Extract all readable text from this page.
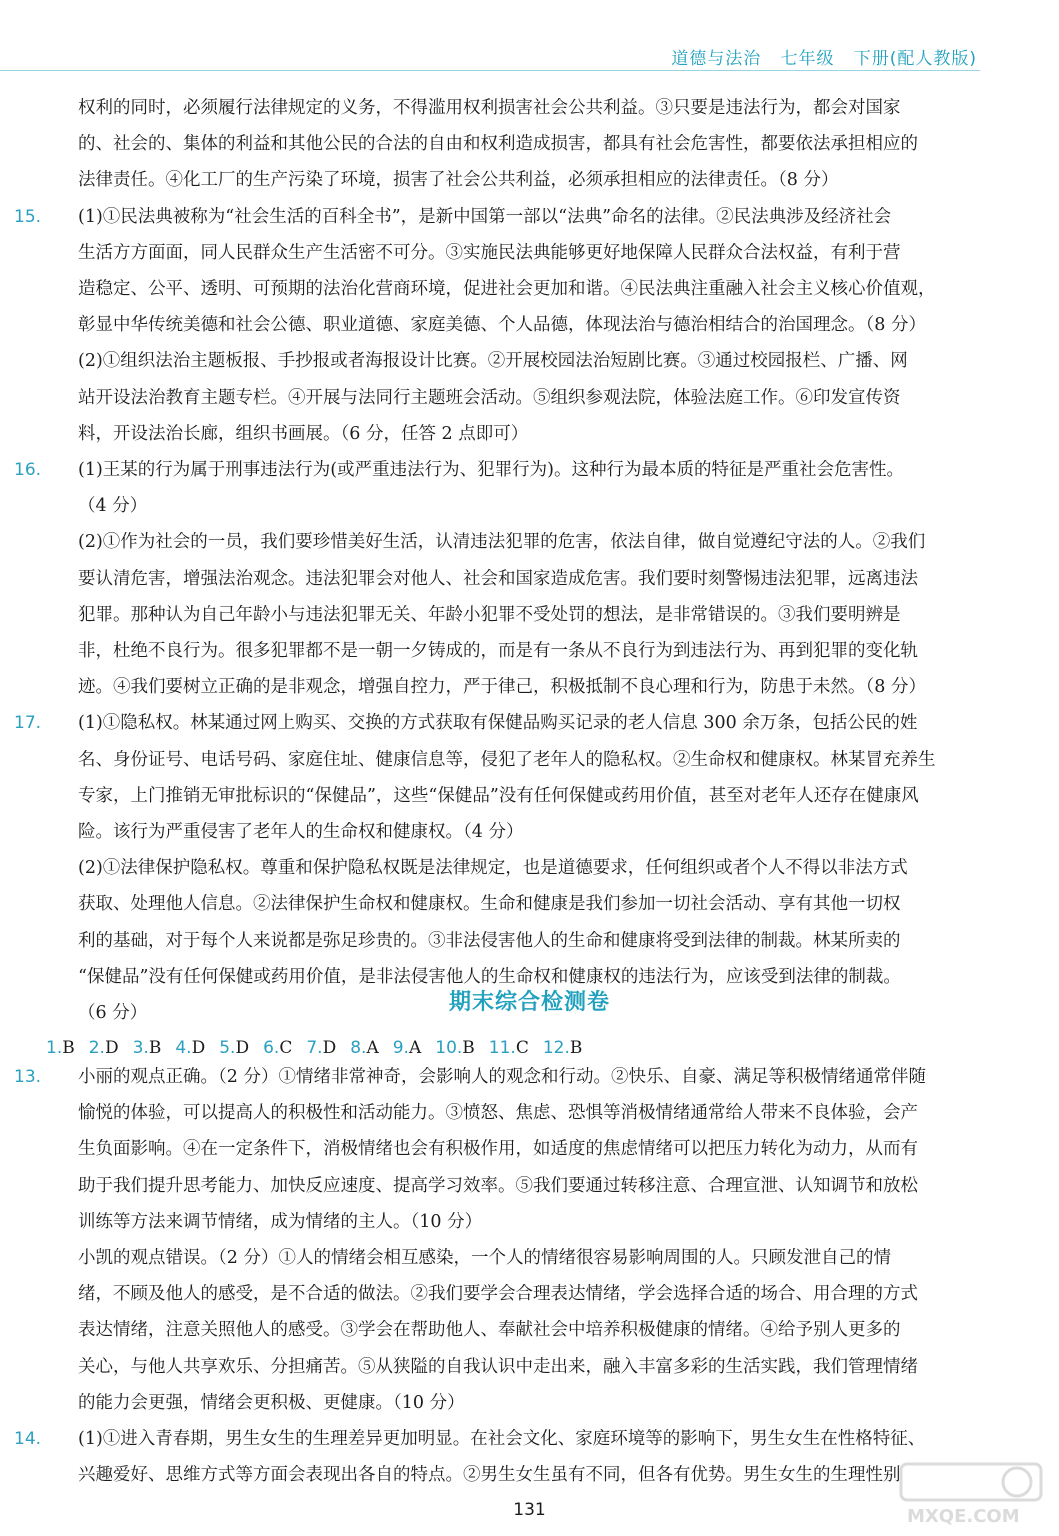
道德与法治   七年级   下册(配人教版)
权利的同时，必须履行法律规定的义务，不得滥用权利损害社会公共利益。③只要是违法行为，都会对国家
的、社会的、集体的利益和其他公民的合法的自由和权利造成损害，都具有社会危害性，都要依法承担相应的
法律责任。④化工厂的生产污染了环境，损害了社会公共利益，必须承担相应的法律责任。（8 分）
15. (1)①民法典被称为“社会生活的百科全书”，是新中国第一部以“法典”命名的法律。②民法典涉及经济社会
生活方方面面，同人民群众生产生活密不可分。③实施民法典能够更好地保障人民群众合法权益，有利于营
造稳定、公平、透明、可预期的法治化营商环境，促进社会更加和谐。④民法典注重融入社会主义核心价值观，
彰显中华传统美德和社会公德、职业道德、家庭美德、个人品德，体现法治与德治相结合的治国理念。（8 分）
(2)①组织法治主题板报、手抄报或者海报设计比赛。②开展校园法治短剧比赛。③通过校园报栏、广播、网
站开设法治教育主题专栏。④开展与法同行主题班会活动。⑤组织参观法院，体验法庭工作。⑥印发宣传资
料，开设法治长廊，组织书画展。（6 分，任答 2 点即可）
16. (1)王某的行为属于刑事违法行为(或严重违法行为、犯罪行为)。这种行为最本质的特征是严重社会危害性。
（4 分）
(2)①作为社会的一员，我们要珍惜美好生活，认清违法犯罪的危害，依法自律，做自觉遵纪守法的人。②我们
要认清危害，增强法治观念。违法犯罪会对他人、社会和国家造成危害。我们要时刻警惕违法犯罪，远离违法
犯罪。那种认为自己年龄小与违法犯罪无关、年龄小犯罪不受处罚的想法，是非常错误的。③我们要明辨是
非，杜绝不良行为。很多犯罪都不是一朝一夕铸成的，而是有一条从不良行为到违法行为、再到犯罪的变化轨
迹。④我们要树立正确的是非观念，增强自控力，严于律己，积极抵制不良心理和行为，防患于未然。（8 分）
17. (1)①隐私权。林某通过网上购买、交换的方式获取有保健品购买记录的老人信息 300 余万条，包括公民的姓
名、身份证号、电话号码、家庭住址、健康信息等，侵犯了老年人的隐私权。②生命权和健康权。林某冒充养生
专家，上门推销无审批标识的“保健品”，这些“保健品”没有任何保健或药用价值，甚至对老年人还存在健康风
险。该行为严重侵害了老年人的生命权和健康权。（4 分）
(2)①法律保护隐私权。尊重和保护隐私权既是法律规定，也是道德要求，任何组织或者个人不得以非法方式
获取、处理他人信息。②法律保护生命权和健康权。生命和健康是我们参加一切社会活动、享有其他一切权
利的基础，对于每个人来说都是弥足珍贵的。③非法侵害他人的生命和健康将受到法律的制裁。林某所卖的
“保健品”没有任何保健或药用价值，是非法侵害他人的生命权和健康权的违法行为，应该受到法律的制裁。
（6 分）	期末综合检测卷
1.B 2.D 3.B 4.D 5.D 6.C 7.D 8.A 9.A 10.B 11.C 12.B
13. 小丽的观点正确。（2 分）①情绪非常神奇，会影响人的观念和行动。②快乐、自豪、满足等积极情绪通常伴随
愉悦的体验，可以提高人的积极性和活动能力。③愤怒、焦虑、恐惧等消极情绪通常给人带来不良体验，会产
生负面影响。④在一定条件下，消极情绪也会有积极作用，如适度的焦虑情绪可以把压力转化为动力，从而有
助于我们提升思考能力、加快反应速度、提高学习效率。⑤我们要通过转移注意、合理宣泄、认知调节和放松
训练等方法来调节情绪，成为情绪的主人。（10 分）
小凯的观点错误。（2 分）①人的情绪会相互感染，一个人的情绪很容易影响周围的人。只顾发泄自己的情
绪，不顾及他人的感受，是不合适的做法。②我们要学会合理表达情绪，学会选择合适的场合、用合理的方式
表达情绪，注意关照他人的感受。③学会在帮助他人、奉献社会中培养积极健康的情绪。④给予别人更多的
关心，与他人共享欢乐、分担痛苦。⑤从狭隘的自我认识中走出来，融入丰富多彩的生活实践，我们管理情绪
的能力会更强，情绪会更积极、更健康。（10 分）
14. (1)①进入青春期，男生女生的生理差异更加明显。在社会文化、家庭环境等的影响下，男生女生在性格特征、
兴趣爱好、思维方式等方面会表现出各自的特点。②男生女生虽有不同，但各有优势。男生女生的生理性别
131	MXQE.COM
